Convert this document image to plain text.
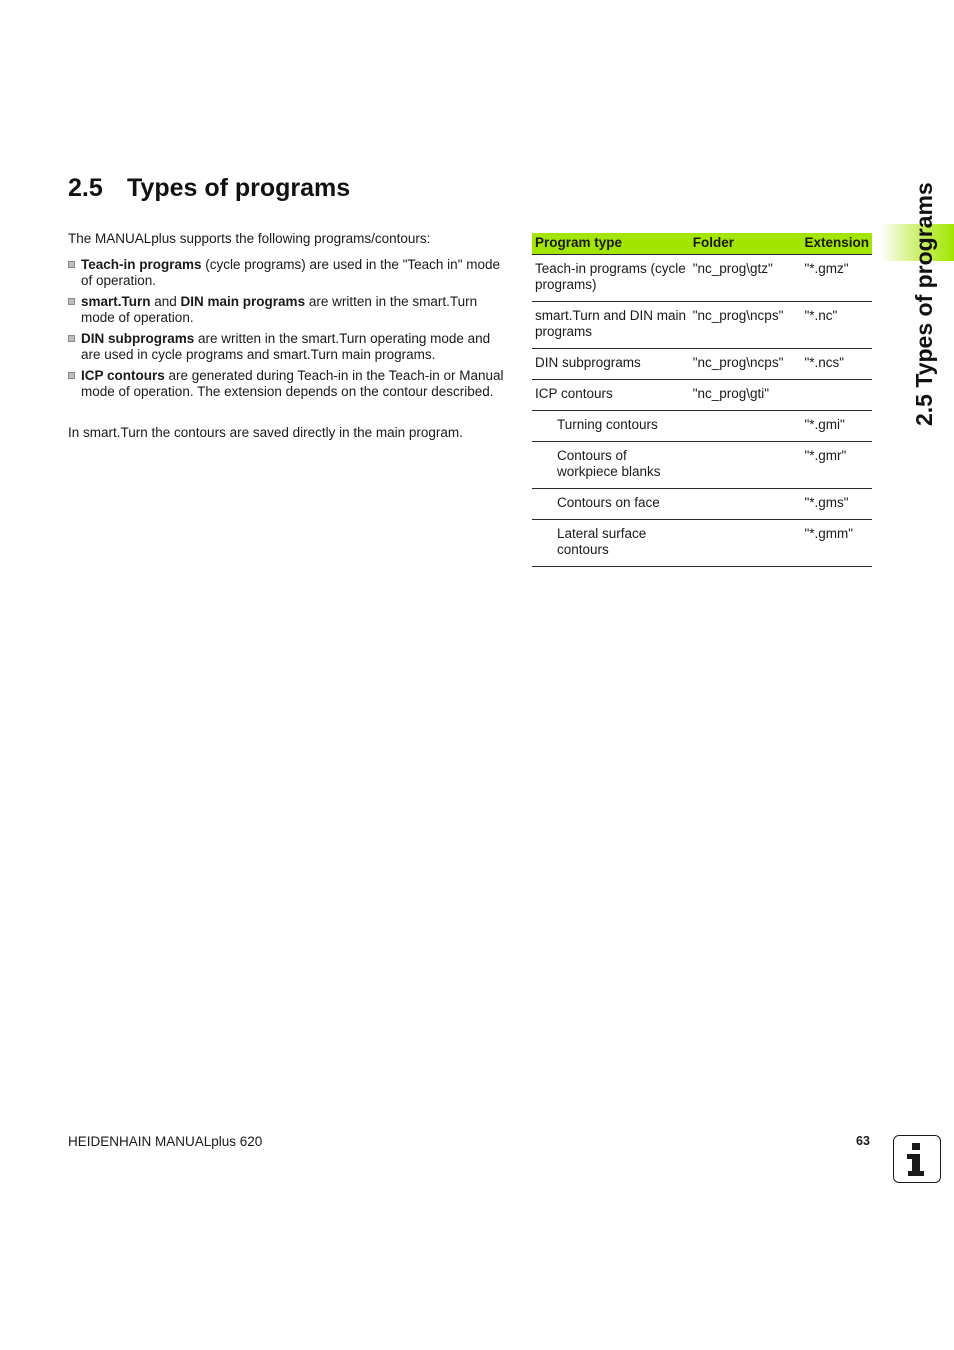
2.5 Types of programs

The MANUALplus supports the following programs/contours:

Teach-in programs (cycle programs) are used in the "Teach in" mode of operation.
smart.Turn and DIN main programs are written in the smart.Turn mode of operation.
DIN subprograms are written in the smart.Turn operating mode and are used in cycle programs and smart.Turn main programs.
ICP contours are generated during Teach-in in the Teach-in or Manual mode of operation. The extension depends on the contour described.

In smart.Turn the contours are saved directly in the main program.

Program type	Folder	Extension
Teach-in programs (cycle programs)	"nc_prog\gtz"	"*.gmz"
smart.Turn and DIN main programs	"nc_prog\ncps"	"*.nc"
DIN subprograms	"nc_prog\ncps"	"*.ncs"
ICP contours	"nc_prog\gti"	
Turning contours		"*.gmi"
Contours of workpiece blanks		"*.gmr"
Contours on face		"*.gms"
Lateral surface contours		"*.gmm"
2.5 Types of programs
HEIDENHAIN MANUALplus 620	63
